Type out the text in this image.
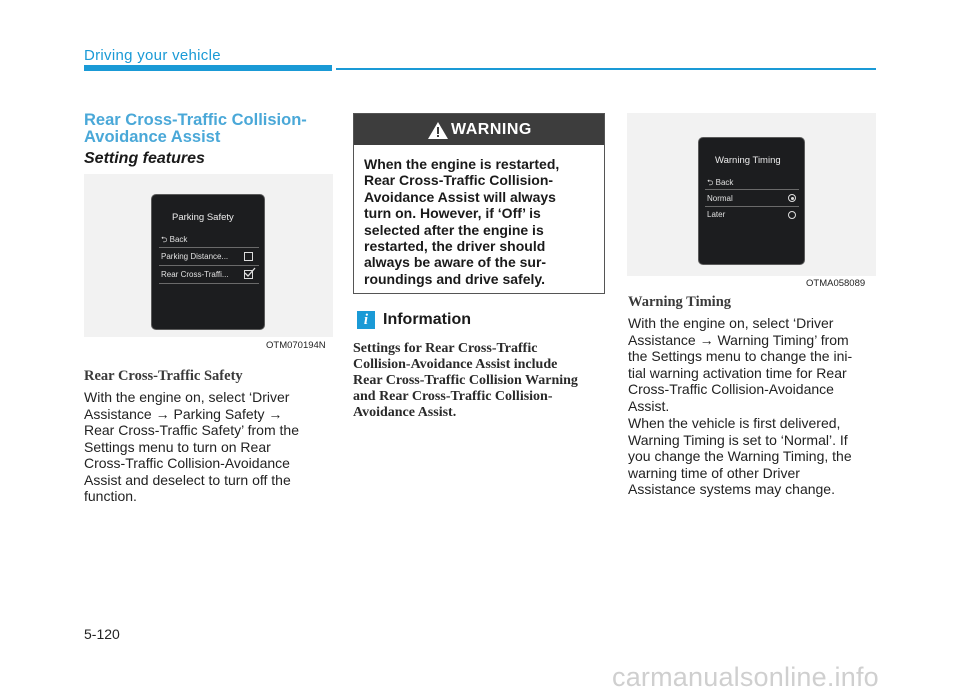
Driving your vehicle
Rear Cross-Traffic Collision-
Avoidance Assist
Setting features
Parking Safety
⮌ Back
Parking Distance...
Rear Cross-Traffi...
OTM070194N
Rear Cross-Traffic Safety
With the engine on, select ‘Driver
Assistance → Parking Safety →
Rear Cross-Traffic Safety’ from the
Settings menu to turn on Rear
Cross-Traffic Collision-Avoidance
Assist and deselect to turn off the
function.
WARNING
When the engine is restarted,
Rear Cross-Traffic Collision-
Avoidance Assist will always
turn on. However, if ‘Off’ is
selected after the engine is
restarted, the driver should
always be aware of the sur-
roundings and drive safely.
i Information
Settings for Rear Cross-Traffic
Collision-Avoidance Assist include
Rear Cross-Traffic Collision Warning
and Rear Cross-Traffic Collision-
Avoidance Assist.
Warning Timing
⮌ Back
Normal
Later
OTMA058089
Warning Timing
With the engine on, select ‘Driver
Assistance → Warning Timing’ from
the Settings menu to change the ini-
tial warning activation time for Rear
Cross-Traffic Collision-Avoidance
Assist.
When the vehicle is first delivered,
Warning Timing is set to ‘Normal’. If
you change the Warning Timing, the
warning time of other Driver
Assistance systems may change.
5-120
carmanualsonline.info
